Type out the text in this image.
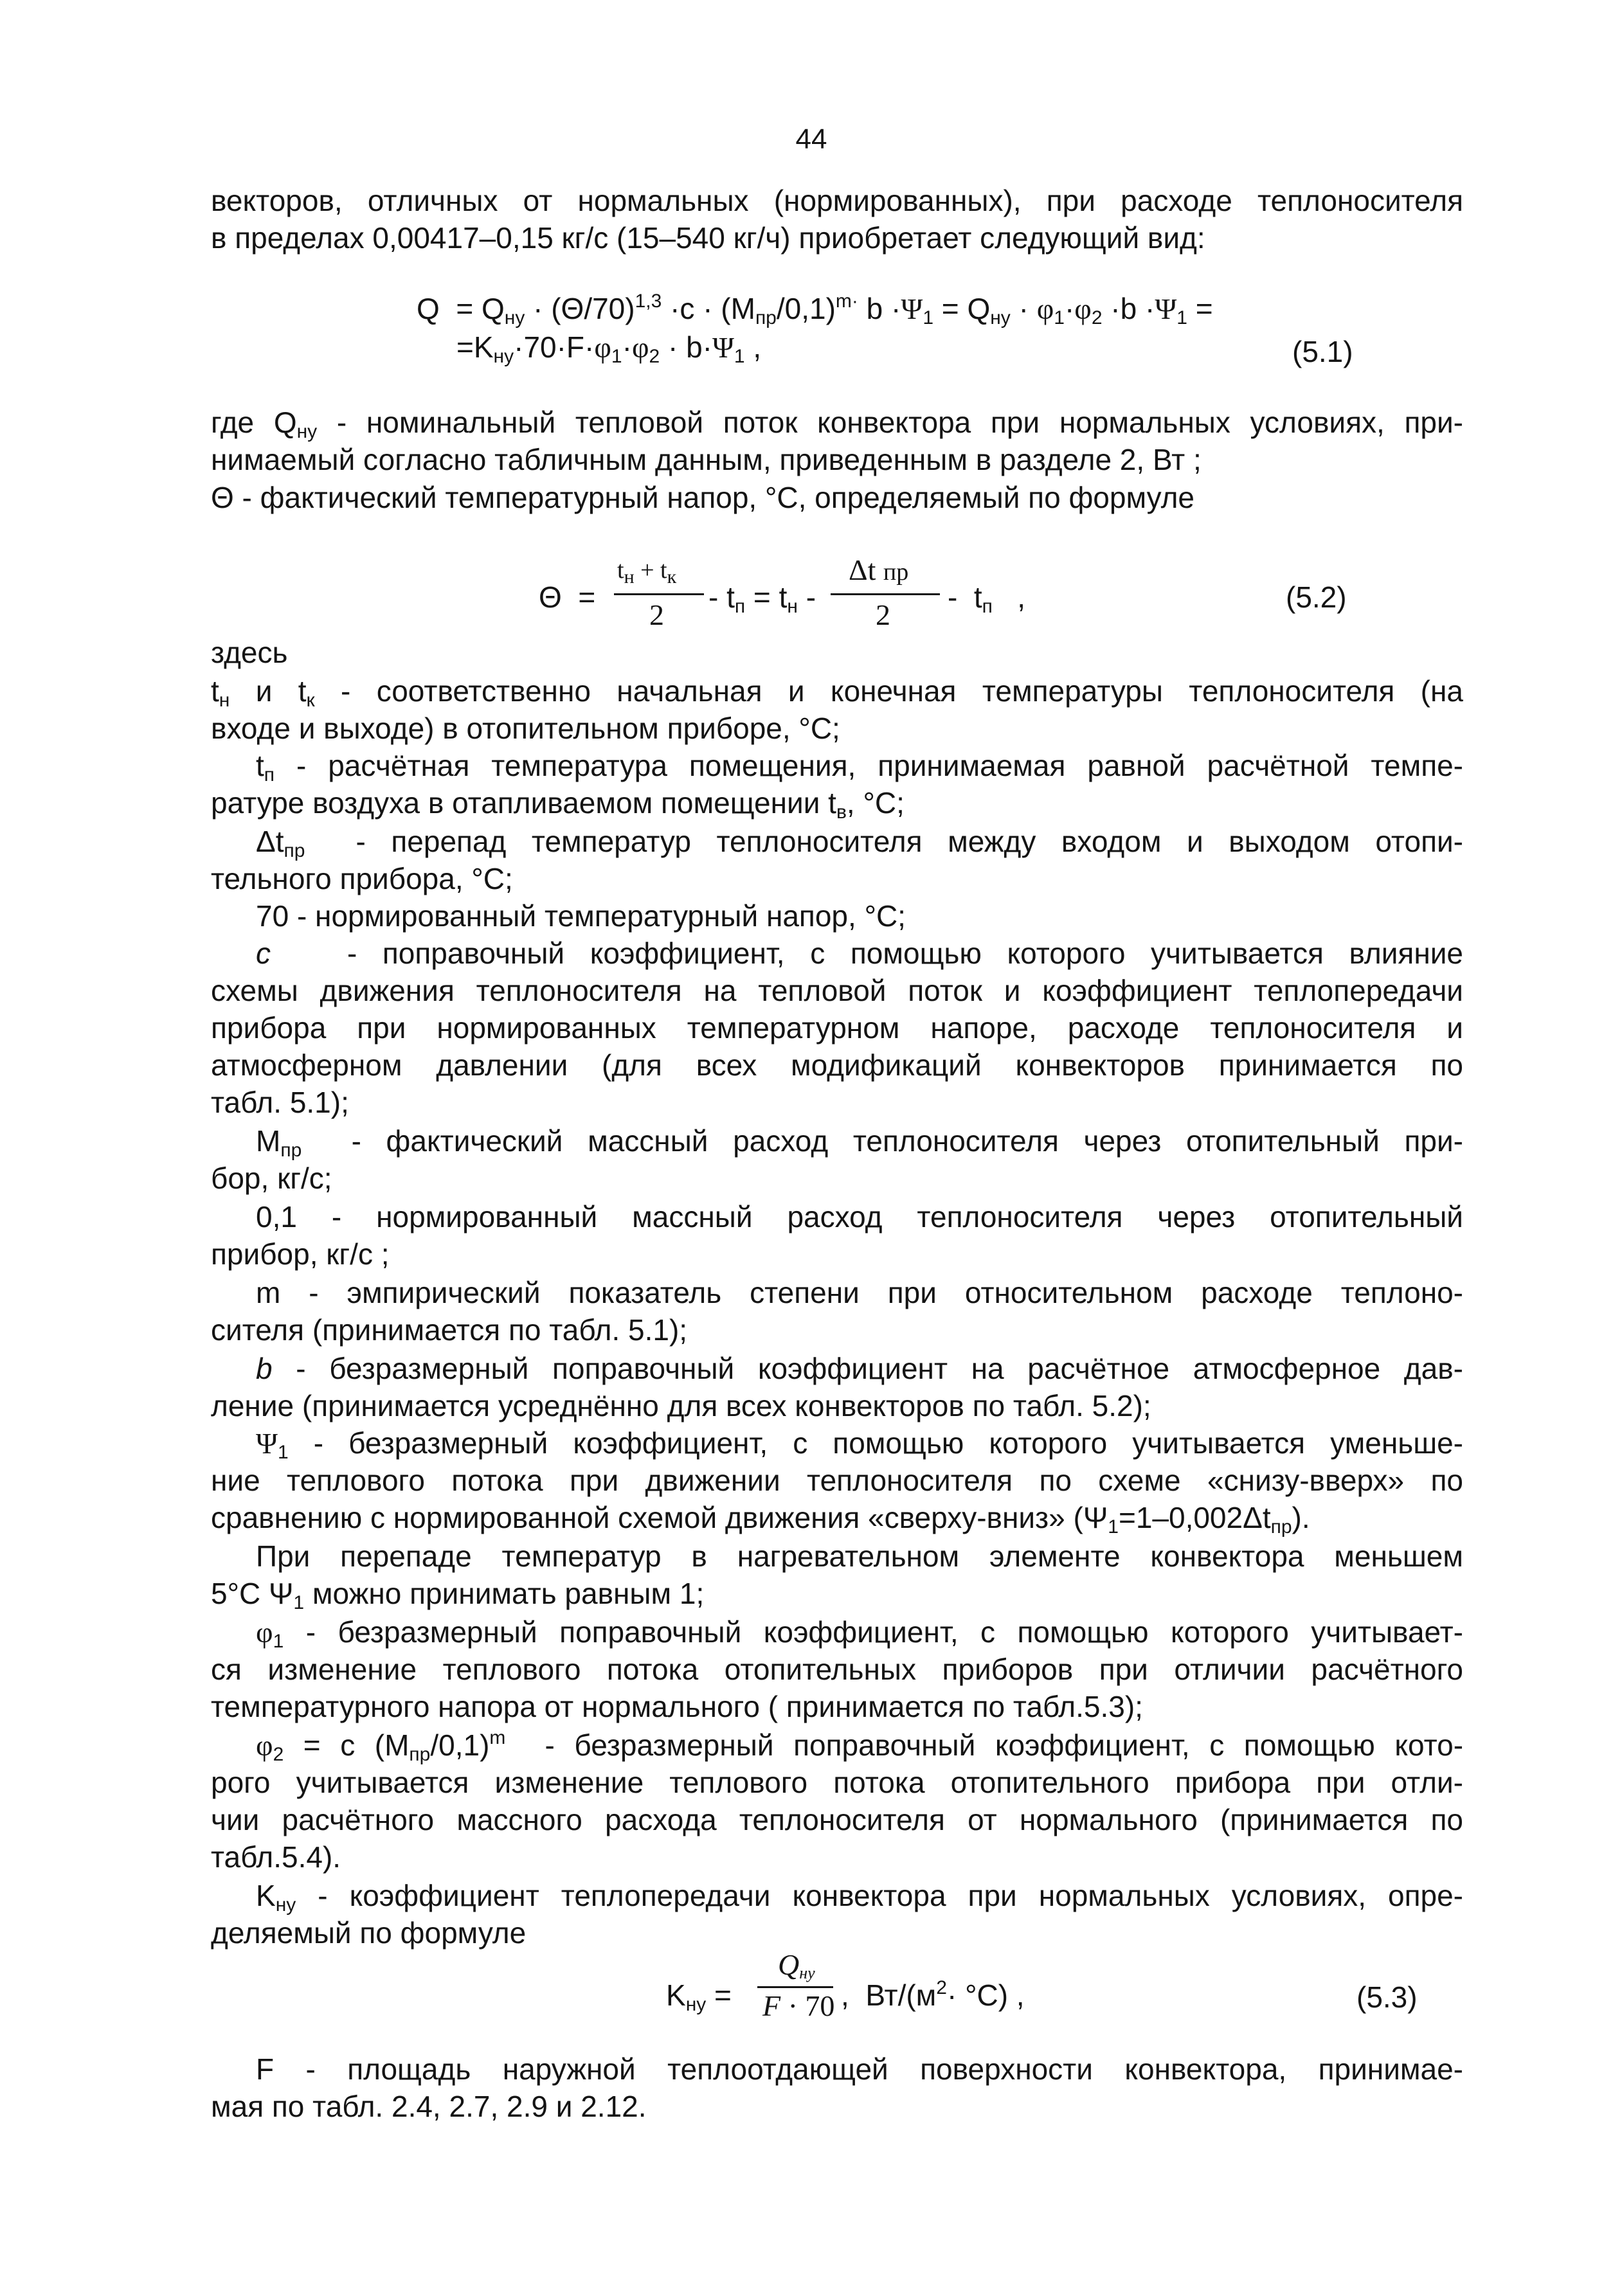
44
векторов, отличных от нормальных (нормированных), при расходе теплоносителя
в пределах 0,00417–0,15 кг/с (15–540 кг/ч) приобретает следующий вид:
$Q = Q_{ну} \cdot (\Theta/70)^{1,3} \cdot c \cdot (M_{пр}/0,1)^{m\cdot}$ $b \cdot\Psi_1 = Q_{ну} \cdot \varphi_1\cdot\varphi_2 \cdot b \cdot\Psi_1$ =
$=K_{ну}\cdot 70\cdot F\cdot\varphi_1\cdot\varphi_2 \cdot b\cdot\Psi_1$ ,	(5.1)
где $Q_{ну}$ - номинальный тепловой поток конвектора при нормальных условиях, при-
нимаемый согласно табличным данным, приведенным в разделе 2, Вт ;
Θ - фактический температурный напор, °С, определяемый по формуле
Θ  =
$t_н + t_к$
2
- $t_п = t_н$ -
Δt пр
2
-  $t_п$   ,	(5.2)
здесь
$t_н$ и $t_к$ - соответственно начальная и конечная температуры теплоносителя (на
входе и выходе) в отопительном приборе, °С;
$t_п$ - расчётная температура помещения, принимаемая равной расчётной темпе-
ратуре воздуха в отапливаемом помещении $t_в$, °С;
$\Delta t_{пр}$ - перепад температур теплоносителя между входом и выходом отопи-
тельного прибора, °С;
70 - нормированный температурный напор, °С;
с	- поправочный коэффициент, с помощью которого учитывается влияние
схемы движения теплоносителя на тепловой поток и коэффициент теплопередачи
прибора при нормированных температурном напоре, расходе теплоносителя и
атмосферном давлении (для всех модификаций конвекторов принимается по
табл. 5.1);
$M_{пр}$ - фактический массный расход теплоносителя через отопительный при-
бор, кг/с;
0,1 - нормированный массный расход теплоносителя через отопительный
прибор, кг/с ;
m - эмпирический показатель степени при относительном расходе теплоно-
сителя (принимается по табл. 5.1);
b - безразмерный поправочный коэффициент на расчётное атмосферное дав-
ление (принимается усреднённо для всех конвекторов по табл. 5.2);
$\Psi_1$ - безразмерный коэффициент, с помощью которого учитывается уменьше-
ние теплового потока при движении теплоносителя по схеме «снизу-вверх» по
сравнению с нормированной схемой движения «сверху-вниз» $(\Psi_1=1-0,002\Delta t_{пр})$.
При перепаде температур в нагревательном элементе конвектора меньшем
5°С $\Psi_1$ можно принимать равным 1;
$\varphi_1$ - безразмерный поправочный коэффициент, с помощью которого учитывает-
ся изменение теплового потока отопительных приборов при отличии расчётного
температурного напора от нормального ( принимается по табл.5.3);
$\varphi_2 = с$ $(M_{пр}/0,1)^m$ - безразмерный поправочный коэффициент, с помощью кото-
рого учитывается изменение теплового потока отопительного прибора при отли-
чии расчётного массного расхода теплоносителя от нормального (принимается по
табл.5.4).
$K_{ну}$ - коэффициент теплопередачи конвектора при нормальных условиях, опре-
деляемый по формуле
$K_{ну}$ =
Qну
F · 70 ,  $Вт/(м^2\cdot ^\circ С)$ ,	(5.3)
F - площадь наружной теплоотдающей поверхности конвектора, принимае-
мая по табл. 2.4, 2.7, 2.9 и 2.12.
